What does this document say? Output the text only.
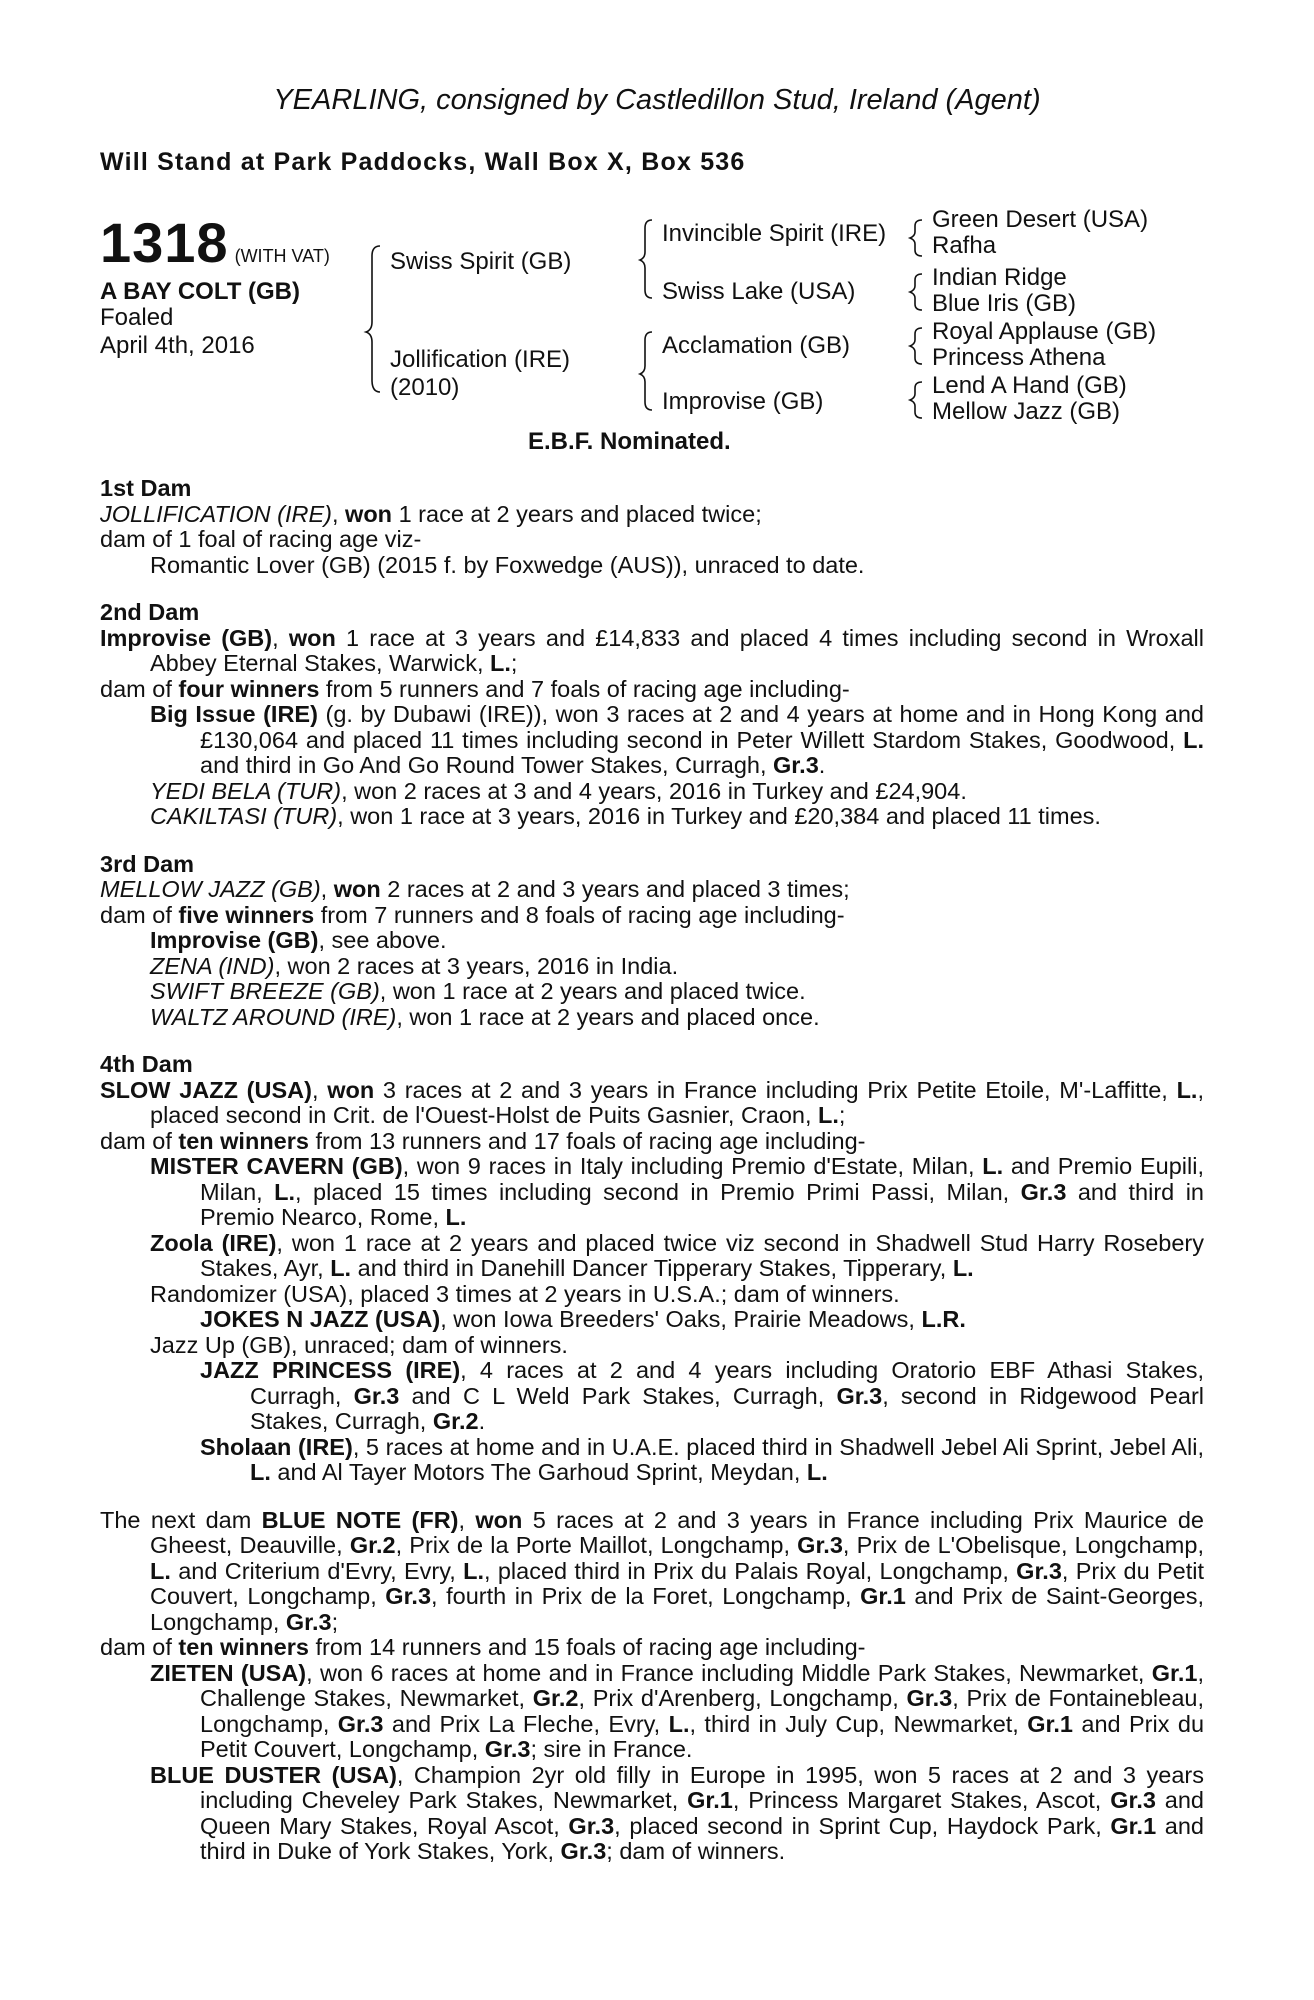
YEARLING, consigned by Castledillon Stud, Ireland (Agent)
Will Stand at Park Paddocks, Wall Box X, Box 536
1318 (WITH VAT)
A BAY COLT (GB)
Foaled
April 4th, 2016
Swiss Spirit (GB)
Jollification (IRE)
(2010)
Invincible Spirit (IRE)
Swiss Lake (USA)
Acclamation (GB)
Improvise (GB)
Green Desert (USA)
Rafha
Indian Ridge
Blue Iris (GB)
Royal Applause (GB)
Princess Athena
Lend A Hand (GB)
Mellow Jazz (GB)
E.B.F. Nominated.
1st Dam
JOLLIFICATION (IRE), won 1 race at 2 years and placed twice;
dam of 1 foal of racing age viz-
Romantic Lover (GB) (2015 f. by Foxwedge (AUS)), unraced to date.
2nd Dam
Improvise (GB), won 1 race at 3 years and £14,833 and placed 4 times including second in Wroxall Abbey Eternal Stakes, Warwick, L.;
dam of four winners from 5 runners and 7 foals of racing age including-
Big Issue (IRE) (g. by Dubawi (IRE)), won 3 races at 2 and 4 years at home and in Hong Kong and £130,064 and placed 11 times including second in Peter Willett Stardom Stakes, Goodwood, L. and third in Go And Go Round Tower Stakes, Curragh, Gr.3.
YEDI BELA (TUR), won 2 races at 3 and 4 years, 2016 in Turkey and £24,904.
CAKILTASI (TUR), won 1 race at 3 years, 2016 in Turkey and £20,384 and placed 11 times.
3rd Dam
MELLOW JAZZ (GB), won 2 races at 2 and 3 years and placed 3 times;
dam of five winners from 7 runners and 8 foals of racing age including-
Improvise (GB), see above.
ZENA (IND), won 2 races at 3 years, 2016 in India.
SWIFT BREEZE (GB), won 1 race at 2 years and placed twice.
WALTZ AROUND (IRE), won 1 race at 2 years and placed once.
4th Dam
SLOW JAZZ (USA), won 3 races at 2 and 3 years in France including Prix Petite Etoile, M'-Laffitte, L., placed second in Crit. de l'Ouest-Holst de Puits Gasnier, Craon, L.;
dam of ten winners from 13 runners and 17 foals of racing age including-
MISTER CAVERN (GB), won 9 races in Italy including Premio d'Estate, Milan, L. and Premio Eupili, Milan, L., placed 15 times including second in Premio Primi Passi, Milan, Gr.3 and third in Premio Nearco, Rome, L.
Zoola (IRE), won 1 race at 2 years and placed twice viz second in Shadwell Stud Harry Rosebery Stakes, Ayr, L. and third in Danehill Dancer Tipperary Stakes, Tipperary, L.
Randomizer (USA), placed 3 times at 2 years in U.S.A.; dam of winners.
JOKES N JAZZ (USA), won Iowa Breeders' Oaks, Prairie Meadows, L.R.
Jazz Up (GB), unraced; dam of winners.
JAZZ PRINCESS (IRE), 4 races at 2 and 4 years including Oratorio EBF Athasi Stakes, Curragh, Gr.3 and C L Weld Park Stakes, Curragh, Gr.3, second in Ridgewood Pearl Stakes, Curragh, Gr.2.
Sholaan (IRE), 5 races at home and in U.A.E. placed third in Shadwell Jebel Ali Sprint, Jebel Ali, L. and Al Tayer Motors The Garhoud Sprint, Meydan, L.
The next dam BLUE NOTE (FR), won 5 races at 2 and 3 years in France including Prix Maurice de Gheest, Deauville, Gr.2, Prix de la Porte Maillot, Longchamp, Gr.3, Prix de L'Obelisque, Longchamp, L. and Criterium d'Evry, Evry, L., placed third in Prix du Palais Royal, Longchamp, Gr.3, Prix du Petit Couvert, Longchamp, Gr.3, fourth in Prix de la Foret, Longchamp, Gr.1 and Prix de Saint-Georges, Longchamp, Gr.3;
dam of ten winners from 14 runners and 15 foals of racing age including-
ZIETEN (USA), won 6 races at home and in France including Middle Park Stakes, Newmarket, Gr.1, Challenge Stakes, Newmarket, Gr.2, Prix d'Arenberg, Longchamp, Gr.3, Prix de Fontainebleau, Longchamp, Gr.3 and Prix La Fleche, Evry, L., third in July Cup, Newmarket, Gr.1 and Prix du Petit Couvert, Longchamp, Gr.3; sire in France.
BLUE DUSTER (USA), Champion 2yr old filly in Europe in 1995, won 5 races at 2 and 3 years including Cheveley Park Stakes, Newmarket, Gr.1, Princess Margaret Stakes, Ascot, Gr.3 and Queen Mary Stakes, Royal Ascot, Gr.3, placed second in Sprint Cup, Haydock Park, Gr.1 and third in Duke of York Stakes, York, Gr.3; dam of winners.
